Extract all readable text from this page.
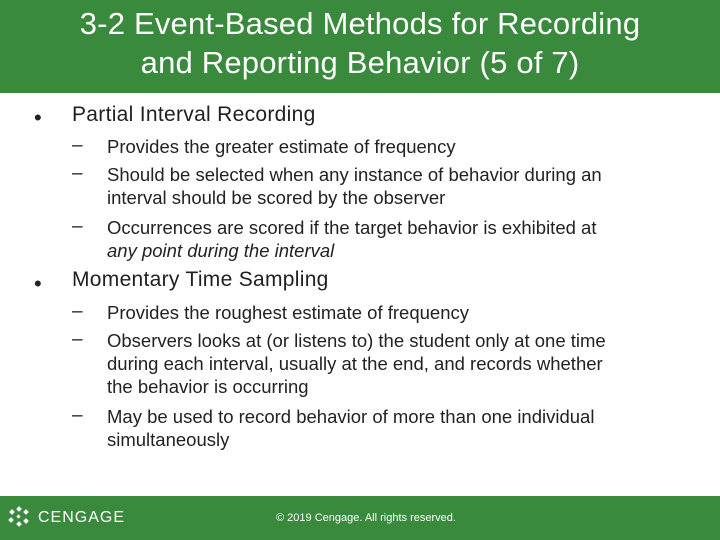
3-2 Event-Based Methods for Recording
and Reporting Behavior (5 of 7)
• Partial Interval Recording
– Provides the greater estimate of frequency
– Should be selected when any instance of behavior during an
interval should be scored by the observer
– Occurrences are scored if the target behavior is exhibited at
any point during the interval
• Momentary Time Sampling
– Provides the roughest estimate of frequency
– Observers looks at (or listens to) the student only at one time
during each interval, usually at the end, and records whether
the behavior is occurring
– May be used to record behavior of more than one individual
simultaneously
CENGAGE	© 2019 Cengage. All rights reserved.
